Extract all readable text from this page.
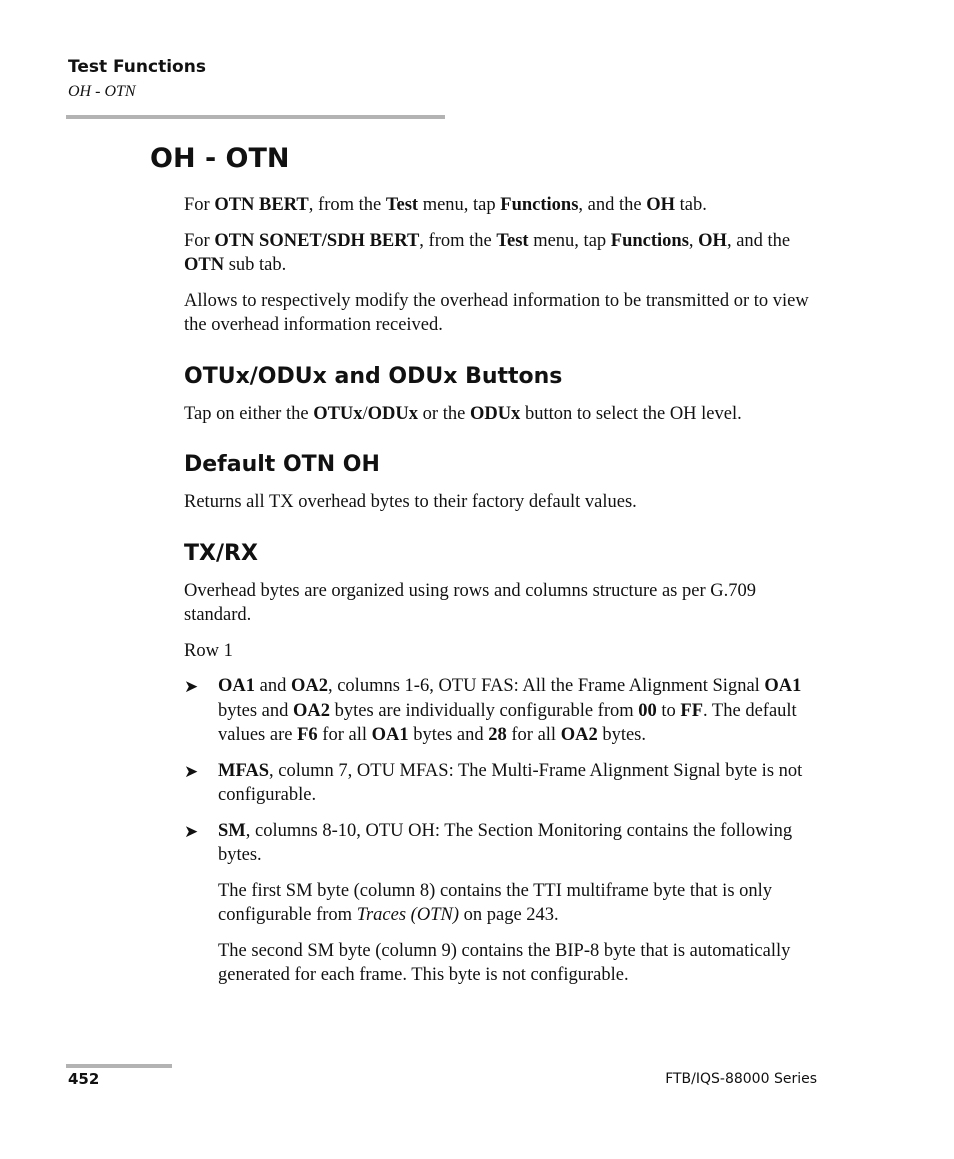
Test Functions
OH - OTN
OH - OTN

For OTN BERT, from the Test menu, tap Functions, and the OH tab.

For OTN SONET/SDH BERT, from the Test menu, tap Functions, OH, and the OTN sub tab.

Allows to respectively modify the overhead information to be transmitted or to view the overhead information received.

OTUx/ODUx and ODUx Buttons

Tap on either the OTUx/ODUx or the ODUx button to select the OH level.

Default OTN OH

Returns all TX overhead bytes to their factory default values.

TX/RX

Overhead bytes are organized using rows and columns structure as per G.709 standard.

Row 1

➤ OA1 and OA2, columns 1-6, OTU FAS: All the Frame Alignment Signal OA1 bytes and OA2 bytes are individually configurable from 00 to FF. The default values are F6 for all OA1 bytes and 28 for all OA2 bytes.
➤ MFAS, column 7, OTU MFAS: The Multi-Frame Alignment Signal byte is not configurable.
➤ SM, columns 8-10, OTU OH: The Section Monitoring contains the following bytes.

The first SM byte (column 8) contains the TTI multiframe byte that is only configurable from Traces (OTN) on page 243.

The second SM byte (column 9) contains the BIP-8 byte that is automatically generated for each frame. This byte is not configurable.

452	FTB/IQS-88000 Series
